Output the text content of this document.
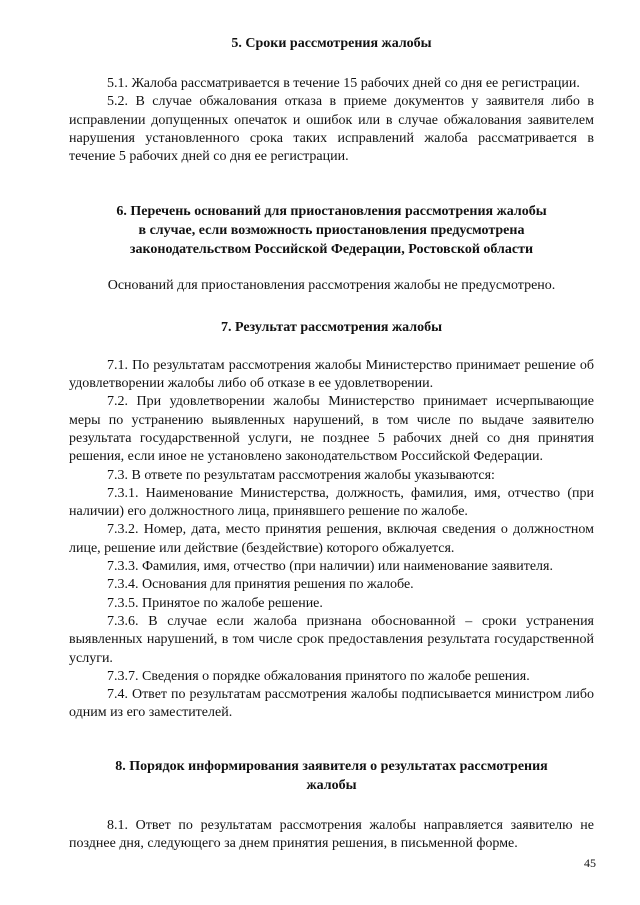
5. Сроки рассмотрения жалобы

5.1. Жалоба рассматривается в течение 15 рабочих дней со дня ее регистрации.

5.2. В случае обжалования отказа в приеме документов у заявителя либо в исправлении допущенных опечаток и ошибок или в случае обжалования заявителем нарушения установленного срока таких исправлений жалоба рассматривается в течение 5 рабочих дней со дня ее регистрации.

6. Перечень оснований для приостановления рассмотрения жалобы

в случае, если возможность приостановления предусмотрена

законодательством Российской Федерации, Ростовской области

Оснований для приостановления рассмотрения жалобы не предусмотрено.

7. Результат рассмотрения жалобы

7.1. По результатам рассмотрения жалобы Министерство принимает решение об удовлетворении жалобы либо об отказе в ее удовлетворении.

7.2. При удовлетворении жалобы Министерство принимает исчерпывающие меры по устранению выявленных нарушений, в том числе по выдаче заявителю результата государственной услуги, не позднее 5 рабочих дней со дня принятия решения, если иное не установлено законодательством Российской Федерации.

7.3. В ответе по результатам рассмотрения жалобы указываются:

7.3.1. Наименование Министерства, должность, фамилия, имя, отчество (при наличии) его должностного лица, принявшего решение по жалобе.

7.3.2. Номер, дата, место принятия решения, включая сведения о должностном лице, решение или действие (бездействие) которого обжалуется.

7.3.3. Фамилия, имя, отчество (при наличии) или наименование заявителя.

7.3.4. Основания для принятия решения по жалобе.

7.3.5. Принятое по жалобе решение.

7.3.6. В случае если жалоба признана обоснованной – сроки устранения выявленных нарушений, в том числе срок предоставления результата государственной услуги.

7.3.7. Сведения о порядке обжалования принятого по жалобе решения.

7.4. Ответ по результатам рассмотрения жалобы подписывается министром либо одним из его заместителей.

8. Порядок информирования заявителя о результатах рассмотрения

жалобы

8.1. Ответ по результатам рассмотрения жалобы направляется заявителю не позднее дня, следующего за днем принятия решения, в письменной форме.

45
